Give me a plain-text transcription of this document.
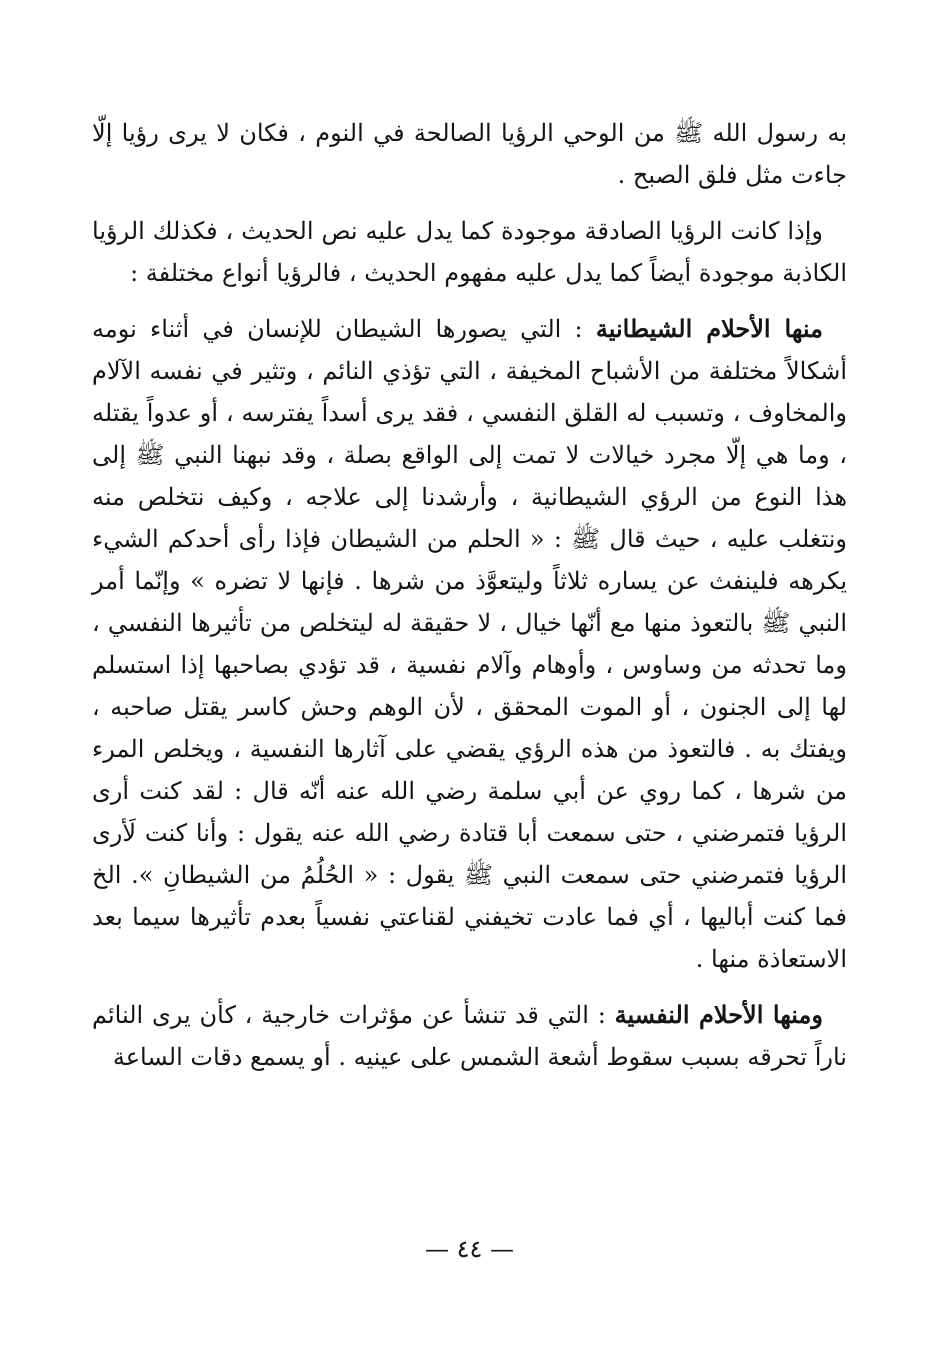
به رسول الله ﷺ من الوحي الرؤيا الصالحة في النوم ، فكان لا يرى رؤيا إلّا جاءت مثل فلق الصبح .

وإذا كانت الرؤيا الصادقة موجودة كما يدل عليه نص الحديث ، فكذلك الرؤيا الكاذبة موجودة أيضاً كما يدل عليه مفهوم الحديث ، فالرؤيا أنواع مختلفة :

منها الأحلام الشيطانية : التي يصورها الشيطان للإنسان في أثناء نومه أشكالاً مختلفة من الأشباح المخيفة ، التي تؤذي النائم ، وتثير في نفسه الآلام والمخاوف ، وتسبب له القلق النفسي ، فقد يرى أسداً يفترسه ، أو عدواً يقتله ، وما هي إلّا مجرد خيالات لا تمت إلى الواقع بصلة ، وقد نبهنا النبي ﷺ إلى هذا النوع من الرؤي الشيطانية ، وأرشدنا إلى علاجه ، وكيف نتخلص منه ونتغلب عليه ، حيث قال ﷺ : « الحلم من الشيطان فإذا رأى أحدكم الشيء يكرهه فلينفث عن يساره ثلاثاً وليتعوَّذ من شرها . فإنها لا تضره » وإنّما أمر النبي ﷺ بالتعوذ منها مع أنّها خيال ، لا حقيقة له ليتخلص من تأثيرها النفسي ، وما تحدثه من وساوس ، وأوهام وآلام نفسية ، قد تؤدي بصاحبها إذا استسلم لها إلى الجنون ، أو الموت المحقق ، لأن الوهم وحش كاسر يقتل صاحبه ، ويفتك به . فالتعوذ من هذه الرؤي يقضي على آثارها النفسية ، ويخلص المرء من شرها ، كما روي عن أبي سلمة رضي الله عنه أنّه قال : لقد كنت أرى الرؤيا فتمرضني ، حتى سمعت أبا قتادة رضي الله عنه يقول : وأنا كنت لَأرى الرؤيا فتمرضني حتى سمعت النبي ﷺ يقول : « الحُلُمُ من الشيطانِ ». الخ فما كنت أباليها ، أي فما عادت تخيفني لقناعتي نفسياً بعدم تأثيرها سيما بعد الاستعاذة منها .

ومنها الأحلام النفسية : التي قد تنشأ عن مؤثرات خارجية ، كأن يرى النائم ناراً تحرقه بسبب سقوط أشعة الشمس على عينيه . أو يسمع دقات الساعة

— ٤٤ —
